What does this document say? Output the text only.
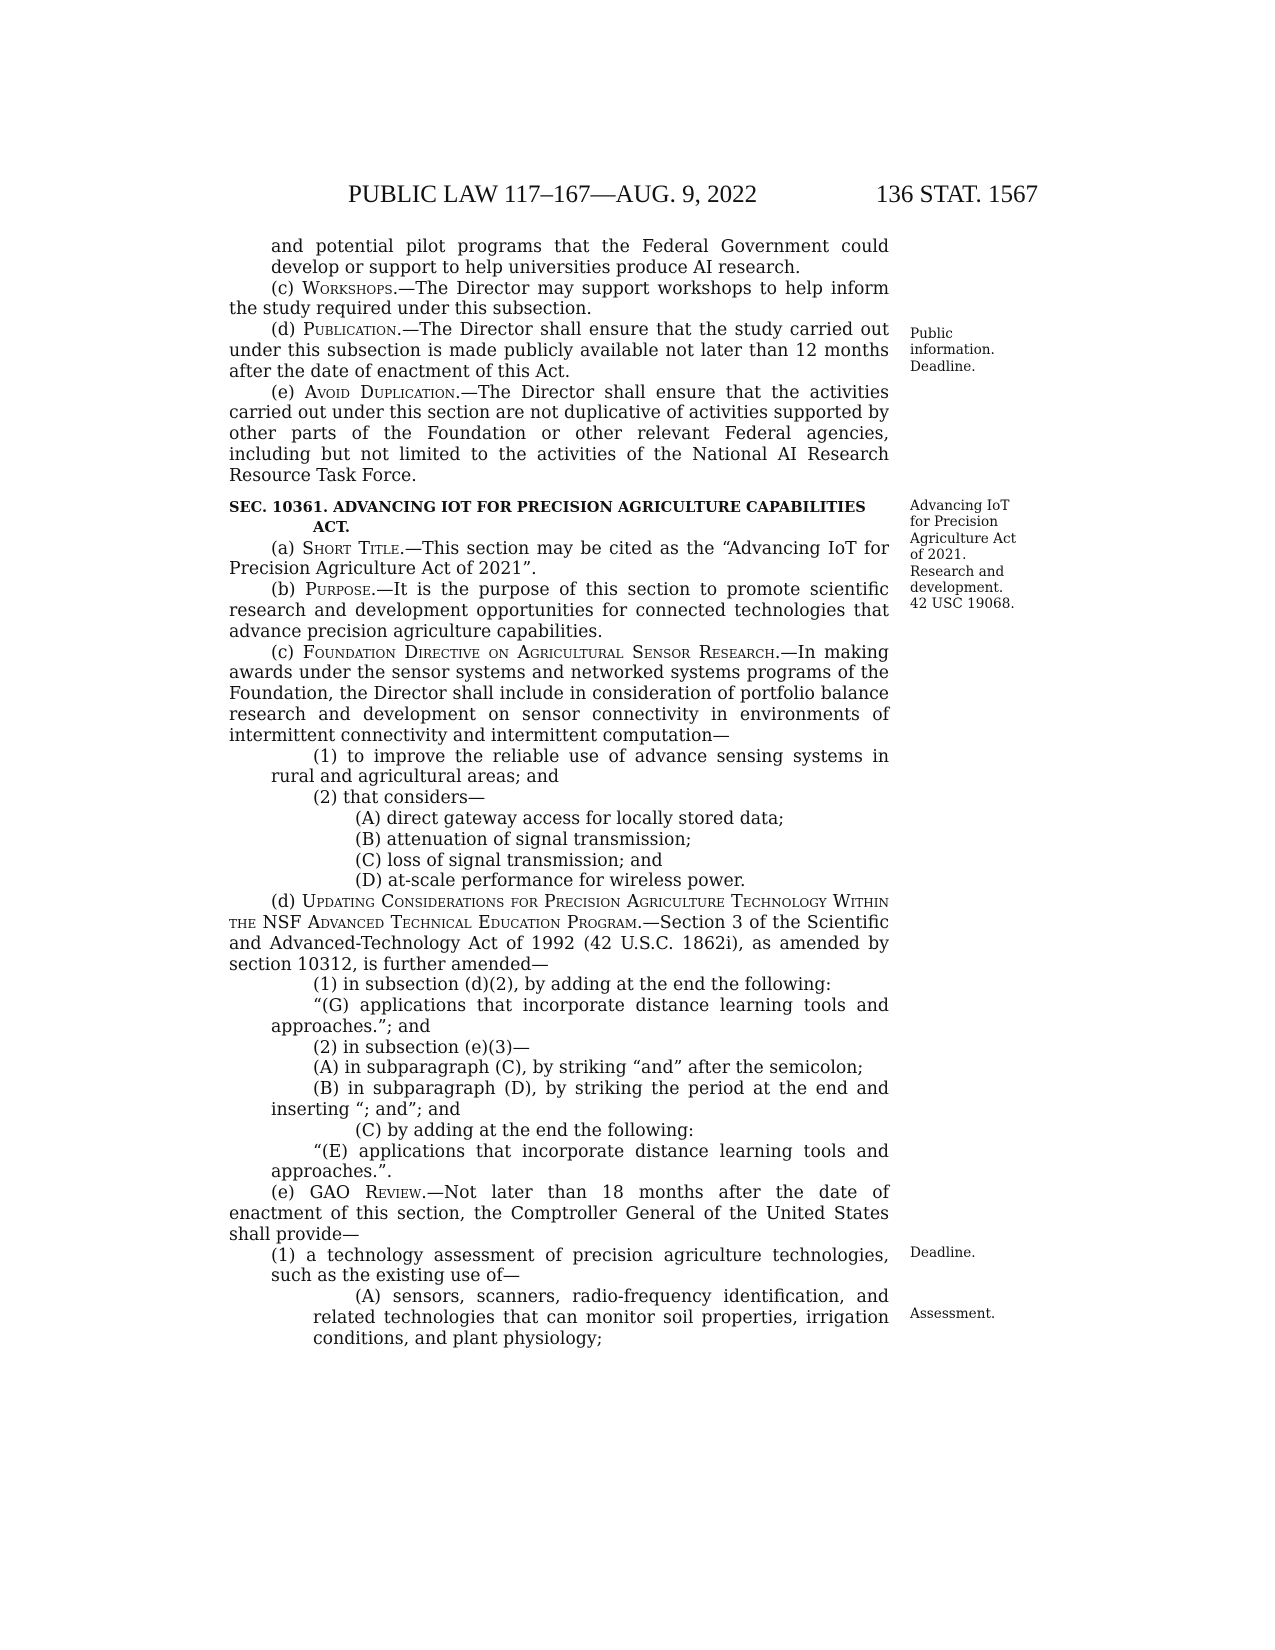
PUBLIC LAW 117–167—AUG. 9, 2022	136 STAT. 1567

and potential pilot programs that the Federal Government could

develop or support to help universities produce AI research.

(c) Workshops.—The Director may support workshops to help inform the study required under this subsection.

(d) Publication.—The Director shall ensure that the study carried out under this subsection is made publicly available not later than 12 months after the date of enactment of this Act.

(e) Avoid Duplication.—The Director shall ensure that the activities carried out under this section are not duplicative of activities supported by other parts of the Foundation or other relevant Federal agencies, including but not limited to the activities of the National AI Research Resource Task Force.

SEC. 10361. ADVANCING IOT FOR PRECISION AGRICULTURE CAPABILITIES ACT.

(a) Short Title.—This section may be cited as the “Advancing IoT for Precision Agriculture Act of 2021”.

(b) Purpose.—It is the purpose of this section to promote scientific research and development opportunities for connected technologies that advance precision agriculture capabilities.

(c) Foundation Directive on Agricultural Sensor Research.—In making awards under the sensor systems and networked systems programs of the Foundation, the Director shall include in consideration of portfolio balance research and development on sensor connectivity in environments of intermittent connectivity and intermittent computation—

(1) to improve the reliable use of advance sensing systems in rural and agricultural areas; and

(2) that considers—

(A) direct gateway access for locally stored data;

(B) attenuation of signal transmission;

(C) loss of signal transmission; and

(D) at-scale performance for wireless power.

(d) Updating Considerations for Precision Agriculture Technology Within the NSF Advanced Technical Education Program.—Section 3 of the Scientific and Advanced-Technology Act of 1992 (42 U.S.C. 1862i), as amended by section 10312, is further amended—

(1) in subsection (d)(2), by adding at the end the following:

“(G) applications that incorporate distance learning tools and approaches.”; and

(2) in subsection (e)(3)—

(A) in subparagraph (C), by striking “and” after the semicolon;

(B) in subparagraph (D), by striking the period at the end and inserting “; and”; and

(C) by adding at the end the following:

“(E) applications that incorporate distance learning tools and approaches.”.

(e) GAO Review.—Not later than 18 months after the date of enactment of this section, the Comptroller General of the United States shall provide—

(1) a technology assessment of precision agriculture technologies, such as the existing use of—

(A) sensors, scanners, radio-frequency identification, and related technologies that can monitor soil properties, irrigation conditions, and plant physiology;

Public
information.
Deadline.
Advancing IoT
for Precision
Agriculture Act
of 2021.
Research and
development.
42 USC 19068.
Deadline.
Assessment.
